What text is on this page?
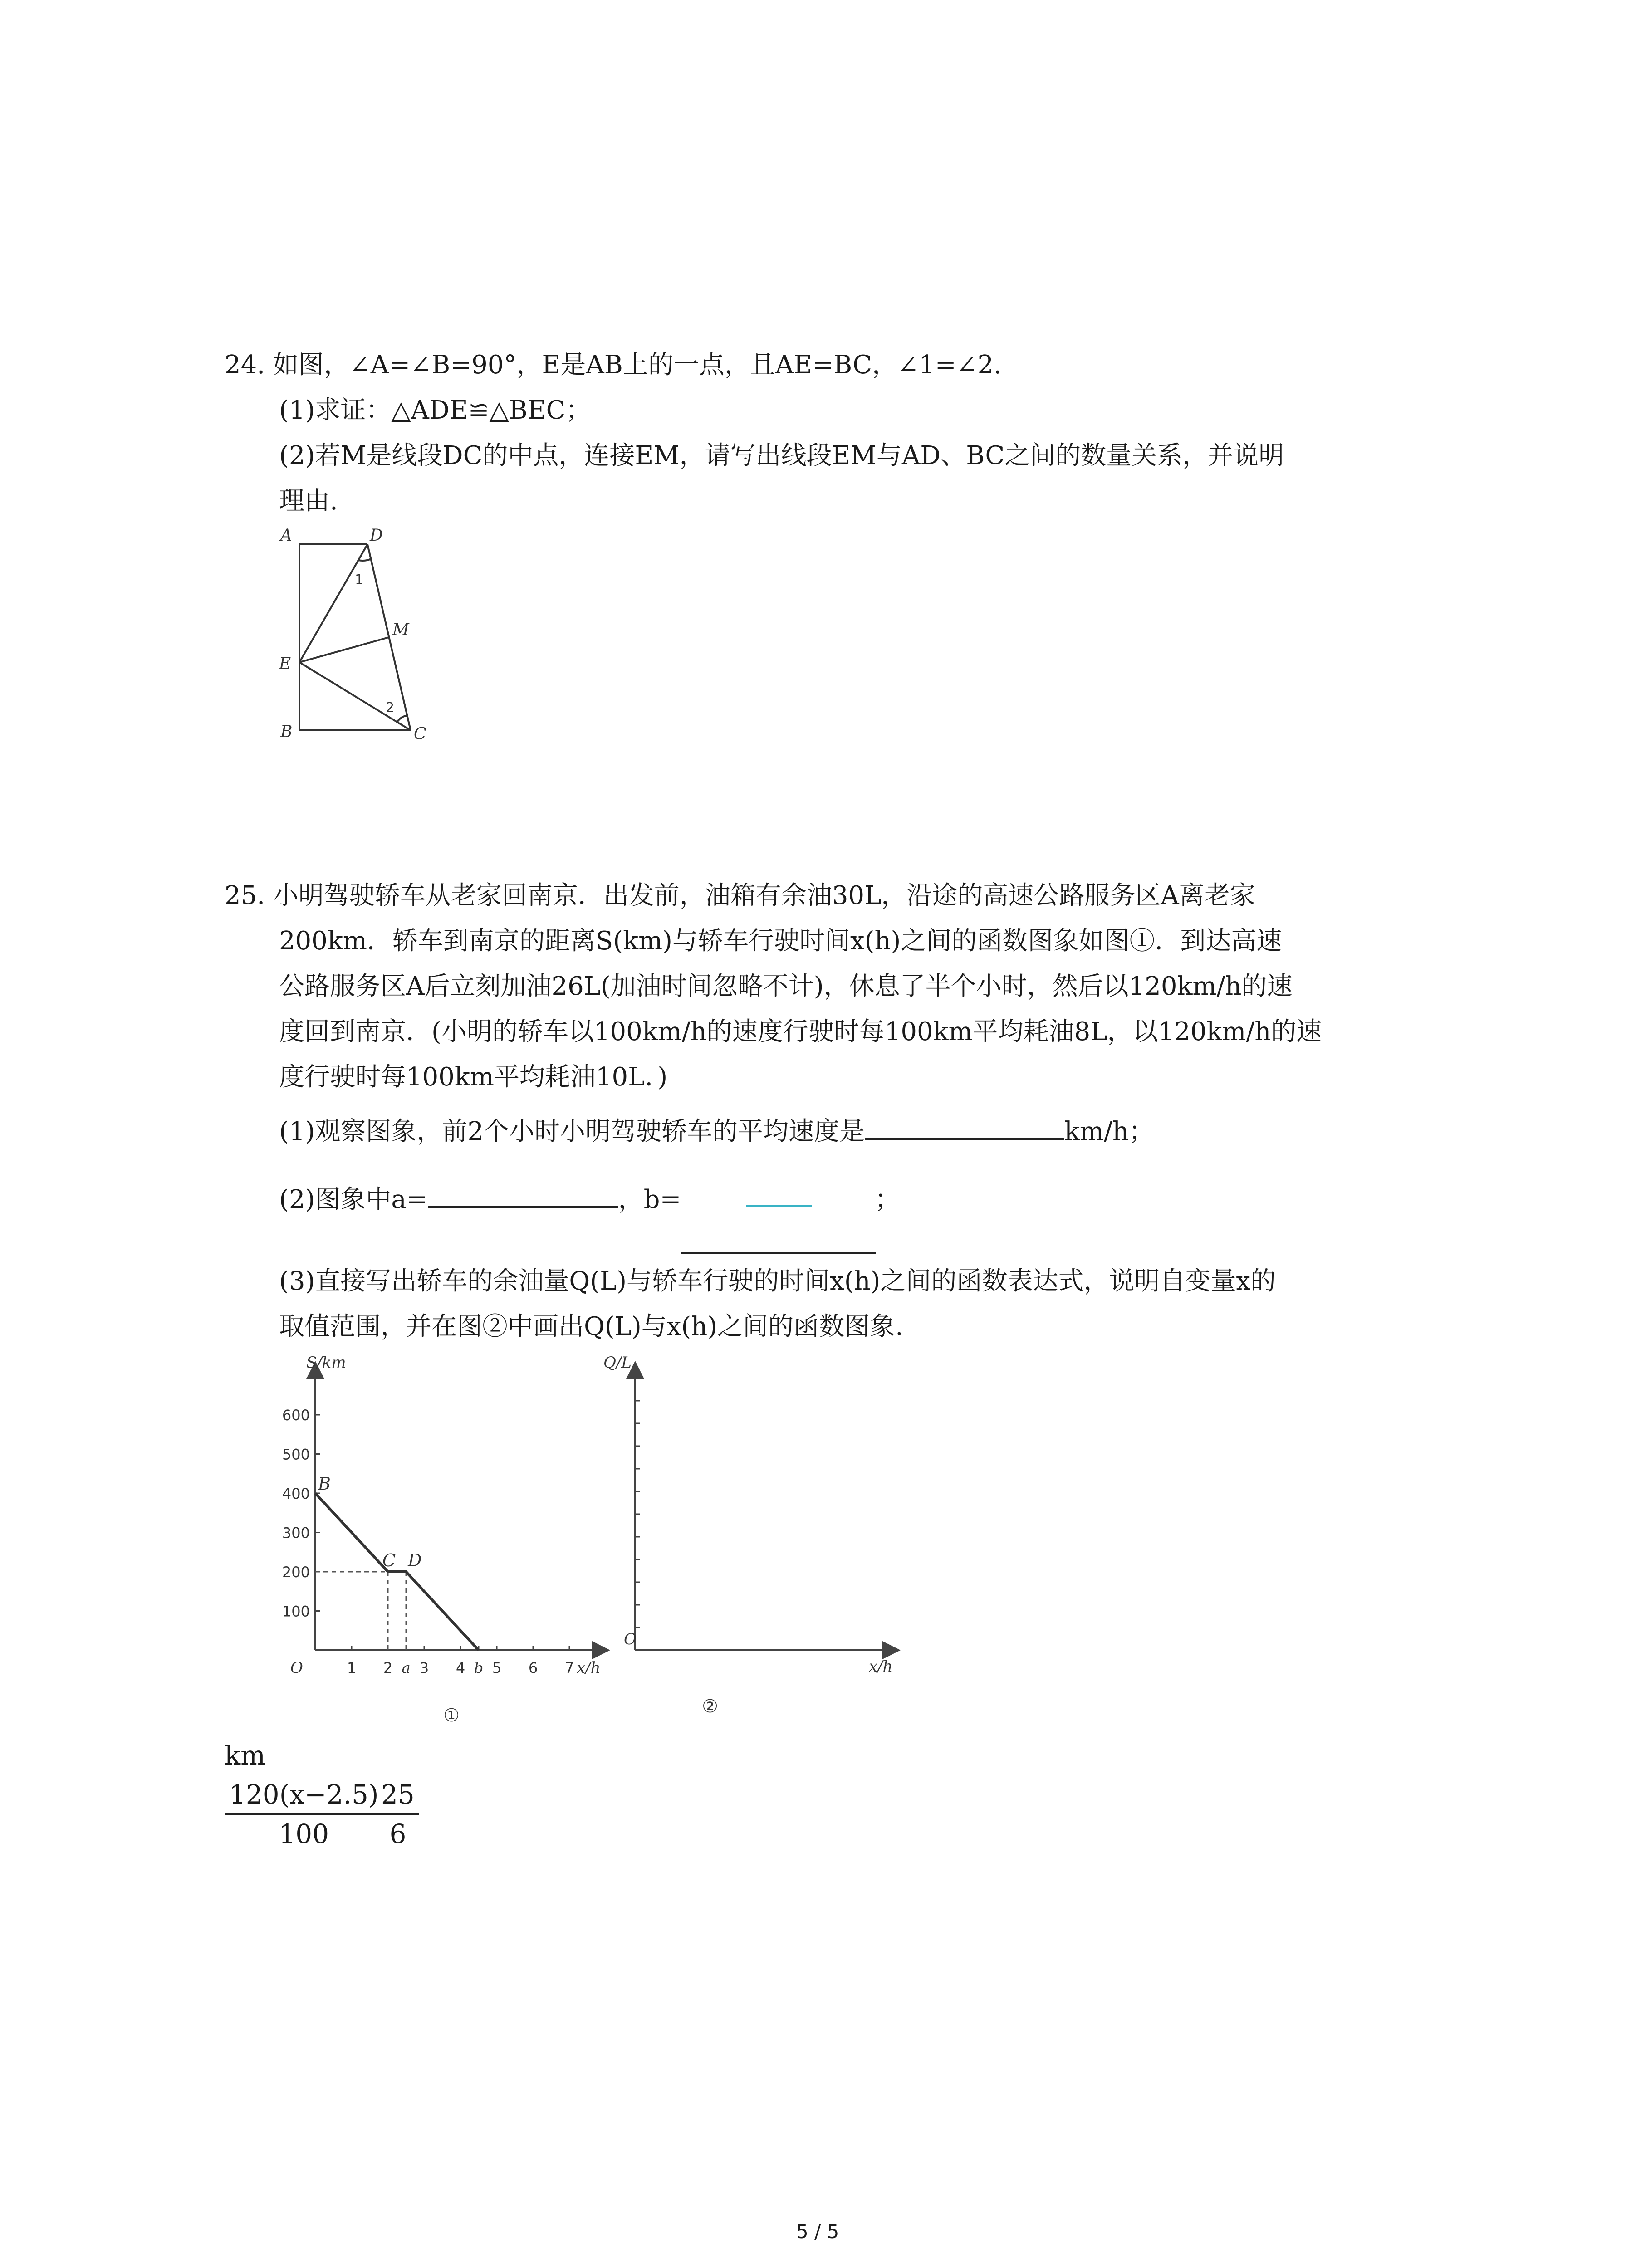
24. 如图，∠A=∠B=90°，E是AB上的一点，且AE=BC，∠1=∠2.
(1)求证：△ADE≌△BEC；
(2)若M是线段DC的中点，连接EM，请写出线段EM与AD、BC之间的数量关系，并说明
理由.
A	D
M
E
B	C
1
2
25. 小明驾驶轿车从老家回南京．出发前，油箱有余油30L，沿途的高速公路服务区A离老家
200km．轿车到南京的距离S(km)与轿车行驶时间x(h)之间的函数图象如图①．到达高速
公路服务区A后立刻加油26L(加油时间忽略不计)，休息了半个小时，然后以120km/h的速
度回到南京．(小明的轿车以100km/h的速度行驶时每100km平均耗油8L，以120km/h的速
度行驶时每100km平均耗油10L．)
(1)观察图象，前2个小时小明驾驶轿车的平均速度是	km/h；
(2)图象中a=	，b=	；
(3)直接写出轿车的余油量Q(L)与轿车行驶的时间x(h)之间的函数表达式，说明自变量x的
取值范围，并在图②中画出Q(L)与x(h)之间的函数图象.
100
200
300
400
500
600
1 2 a 3 4 b 5 6 7
B
C D
S/km
x/h
O
①
Q/L
x/h
O
②
km
$\frac{120(x-2.5)}{100}$
$\frac{25}{6}$
5 / 5
